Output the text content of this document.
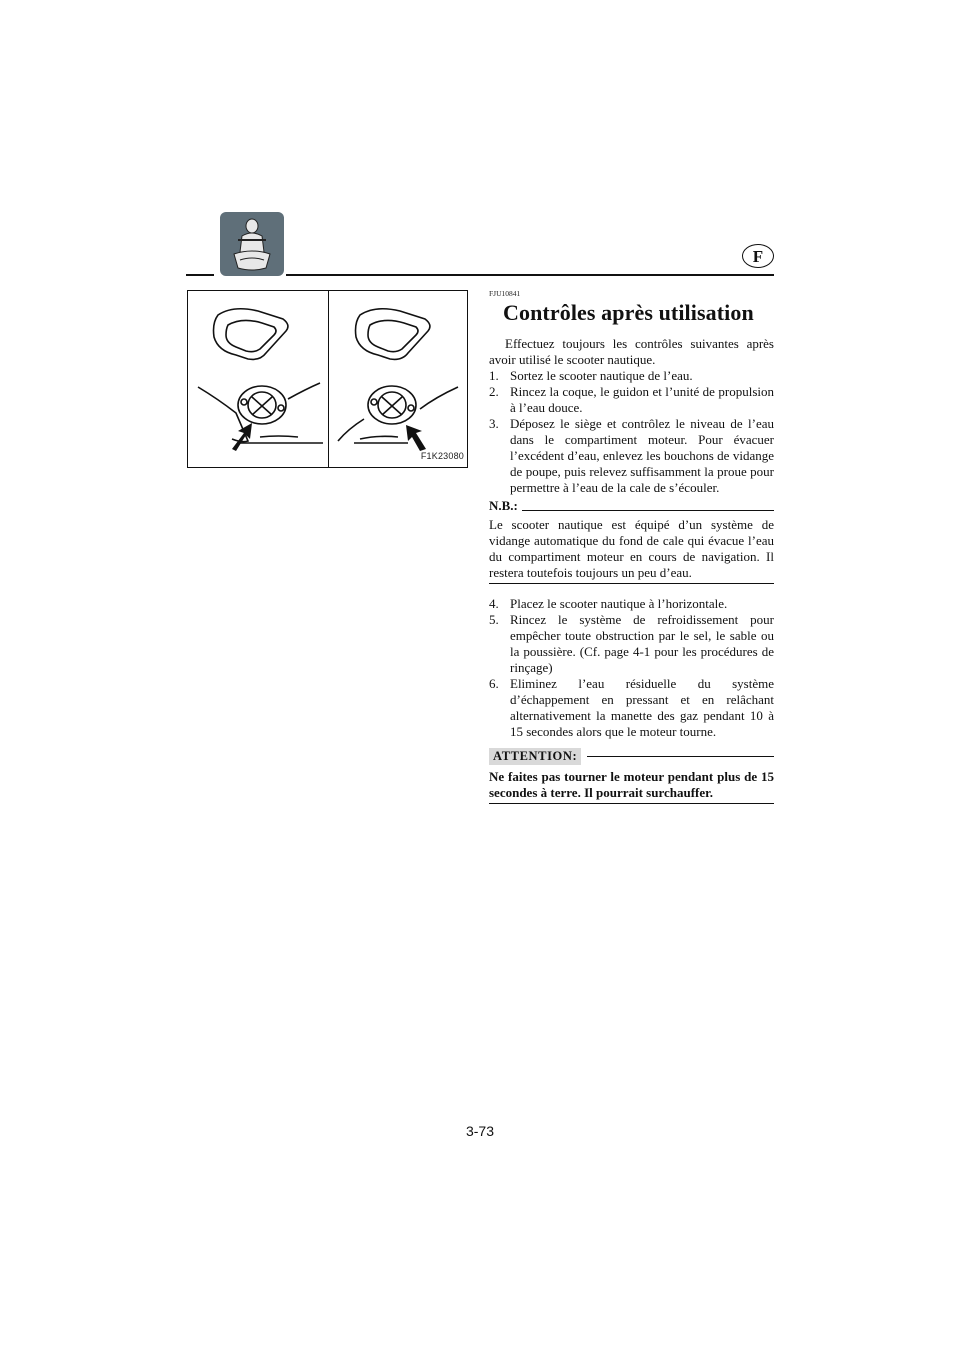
F
F1K23080
FJU10841
Contrôles après utilisation

Effectuez toujours les contrôles suivantes après avoir utilisé le scooter nautique.

1. Sortez le scooter nautique de l’eau.
2. Rincez la coque, le guidon et l’unité de propulsion à l’eau douce.
3. Déposez le siège et contrôlez le niveau de l’eau dans le compartiment moteur. Pour évacuer l’excédent d’eau, enlevez les bouchons de vidange de poupe, puis relevez suffisamment la proue pour permettre à l’eau de la cale de s’écouler.
N.B.:

Le scooter nautique est équipé d’un système de vidange automatique du fond de cale qui évacue l’eau du compartiment moteur en cours de navigation. Il restera toutefois toujours un peu d’eau.

4. Placez le scooter nautique à l’horizontale.
5. Rincez le système de refroidissement pour empêcher toute obstruction par le sel, le sable ou la poussière. (Cf. page 4-1 pour les procédures de rinçage)
6. Eliminez l’eau résiduelle du système d’échappement en pressant et en relâchant alternativement la manette des gaz pendant 10 à 15 secondes alors que le moteur tourne.
ATTENTION:

Ne faites pas tourner le moteur pendant plus de 15 secondes à terre. Il pourrait surchauffer.

3-73
